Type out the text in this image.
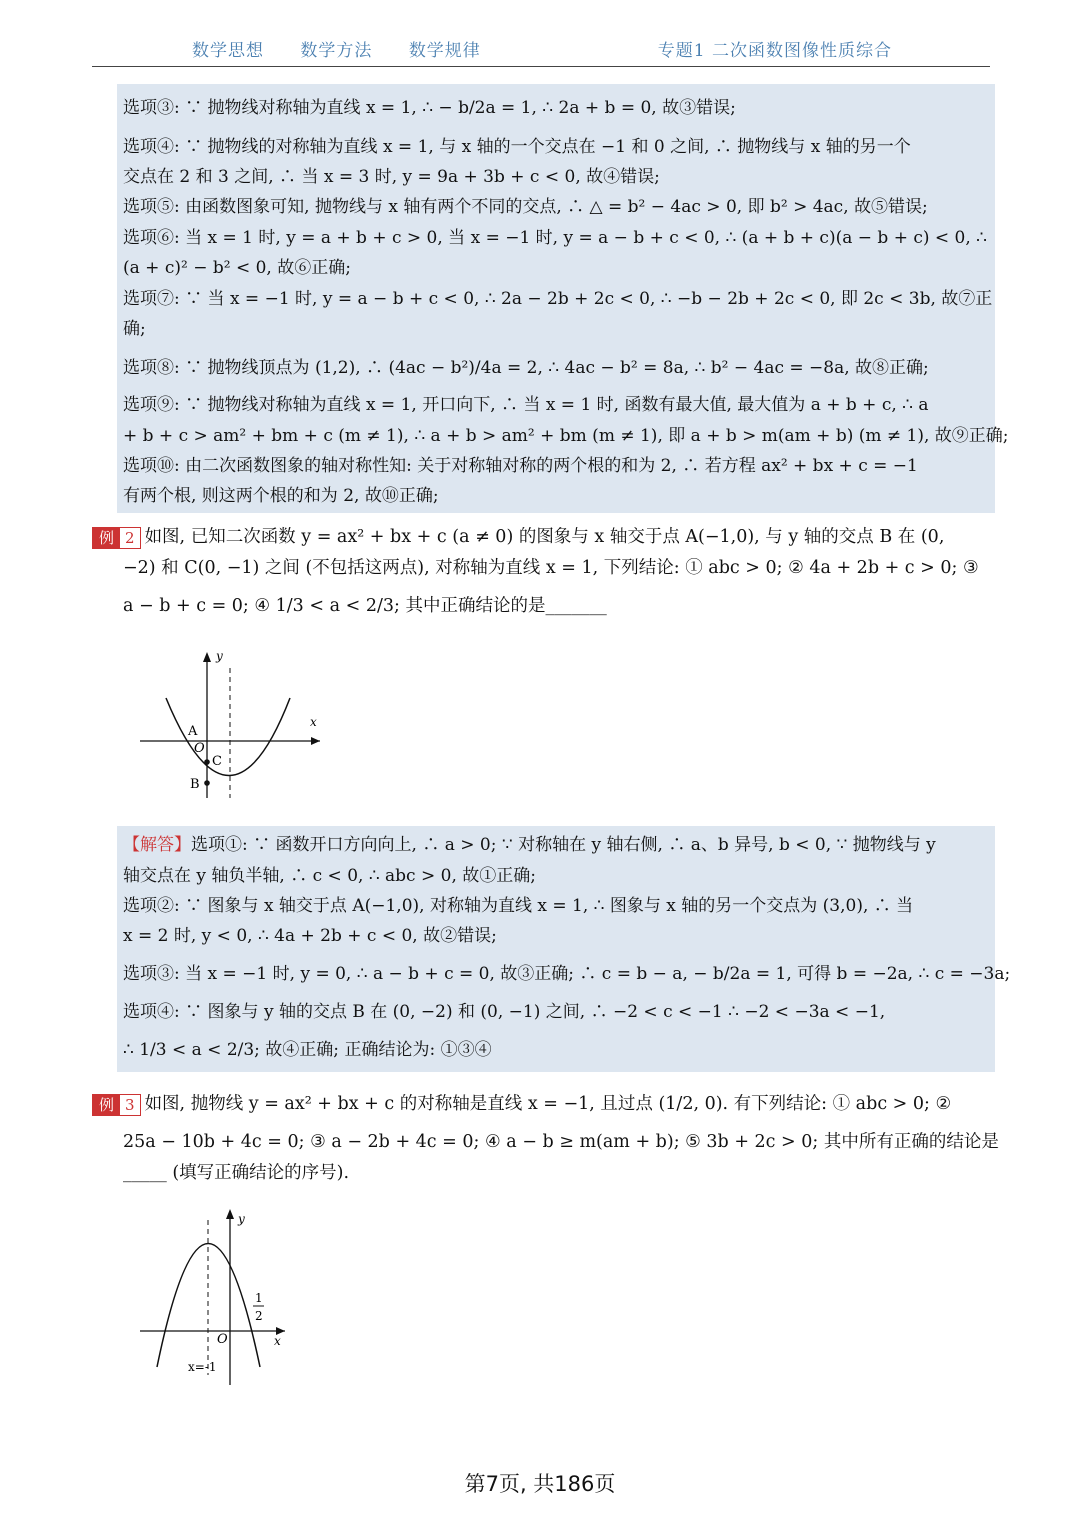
数学思想 数学方法 数学规律	专题1 二次函数图像性质综合
选项③: ∵ 抛物线对称轴为直线 x = 1, ∴ − b/2a = 1, ∴ 2a + b = 0, 故③错误;
选项④: ∵ 抛物线的对称轴为直线 x = 1, 与 x 轴的一个交点在 −1 和 0 之间, ∴ 抛物线与 x 轴的另一个
交点在 2 和 3 之间, ∴ 当 x = 3 时, y = 9a + 3b + c < 0, 故④错误;
选项⑤: 由函数图象可知, 抛物线与 x 轴有两个不同的交点, ∴ △ = b² − 4ac > 0, 即 b² > 4ac, 故⑤错误;
选项⑥: 当 x = 1 时, y = a + b + c > 0, 当 x = −1 时, y = a − b + c < 0, ∴ (a + b + c)(a − b + c) < 0, ∴
(a + c)² − b² < 0, 故⑥正确;
选项⑦: ∵ 当 x = −1 时, y = a − b + c < 0, ∴ 2a − 2b + 2c < 0, ∴ −b − 2b + 2c < 0, 即 2c < 3b, 故⑦正
确;
选项⑧: ∵ 抛物线顶点为 (1,2), ∴ (4ac − b²)/4a = 2, ∴ 4ac − b² = 8a, ∴ b² − 4ac = −8a, 故⑧正确;
选项⑨: ∵ 抛物线对称轴为直线 x = 1, 开口向下, ∴ 当 x = 1 时, 函数有最大值, 最大值为 a + b + c, ∴ a
+ b + c > am² + bm + c (m ≠ 1), ∴ a + b > am² + bm (m ≠ 1), 即 a + b > m(am + b) (m ≠ 1), 故⑨正确;
选项⑩: 由二次函数图象的轴对称性知: 关于对称轴对称的两个根的和为 2, ∴ 若方程 ax² + bx + c = −1
有两个根, 则这两个根的和为 2, 故⑩正确;
例 2 如图, 已知二次函数 y = ax² + bx + c (a ≠ 0) 的图象与 x 轴交于点 A(−1,0), 与 y 轴的交点 B 在 (0,
−2) 和 C(0, −1) 之间 (不包括这两点), 对称轴为直线 x = 1, 下列结论: ① abc > 0; ② 4a + 2b + c > 0; ③
a − b + c = 0; ④ 1/3 < a < 2/3; 其中正确结论的是_______
y
x
A
O
C
B
【解答】选项①: ∵ 函数开口方向向上, ∴ a > 0; ∵ 对称轴在 y 轴右侧, ∴ a、b 异号, b < 0, ∵ 抛物线与 y
轴交点在 y 轴负半轴, ∴ c < 0, ∴ abc > 0, 故①正确;
选项②: ∵ 图象与 x 轴交于点 A(−1,0), 对称轴为直线 x = 1, ∴ 图象与 x 轴的另一个交点为 (3,0), ∴ 当
x = 2 时, y < 0, ∴ 4a + 2b + c < 0, 故②错误;
选项③: 当 x = −1 时, y = 0, ∴ a − b + c = 0, 故③正确; ∴ c = b − a, − b/2a = 1, 可得 b = −2a, ∴ c = −3a;
选项④: ∵ 图象与 y 轴的交点 B 在 (0, −2) 和 (0, −1) 之间, ∴ −2 < c < −1 ∴ −2 < −3a < −1,
∴ 1/3 < a < 2/3; 故④正确; 正确结论为: ①③④
例 3 如图, 抛物线 y = ax² + bx + c 的对称轴是直线 x = −1, 且过点 (1/2, 0). 有下列结论: ① abc > 0; ②
25a − 10b + 4c = 0; ③ a − 2b + 4c = 0; ④ a − b ≥ m(am + b); ⑤ 3b + 2c > 0; 其中所有正确的结论是
_____ (填写正确结论的序号).
y
x
O
1
2
x=-1
第7页, 共186页
